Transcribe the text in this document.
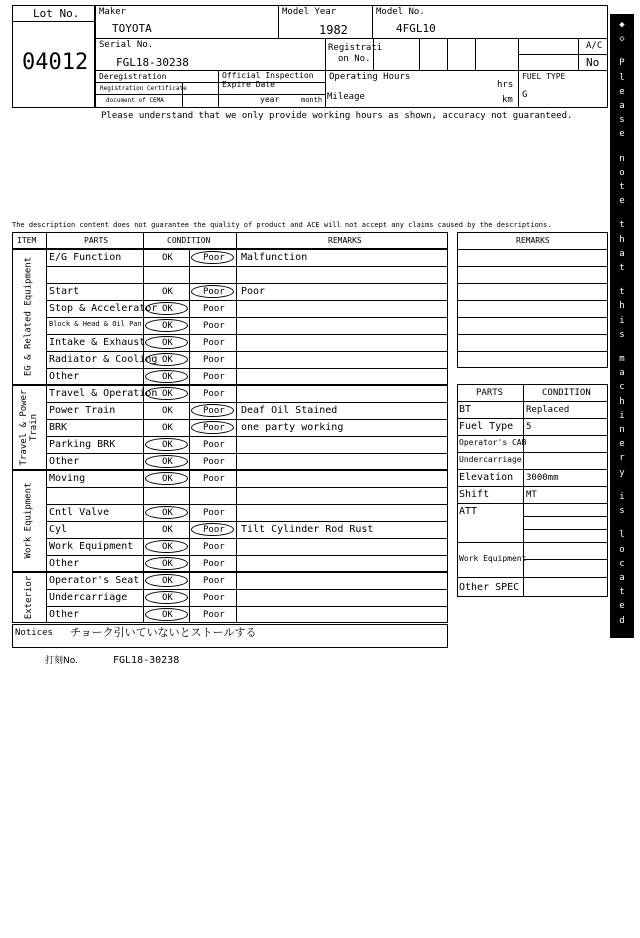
Lot No.
04012
Maker
TOYOTA
Model Year
1982
Model No.
4FGL10
Serial No.
FGL18-30238
Registrati
on No.
A/C
No
Deregistration
Registration Certificate
document of CEMA
Official Inspection
Expire Date
year	month
Operating Hours
hrs
Mileage	km
FUEL TYPE
G
Please understand that we only provide working hours as shown, accuracy not guaranteed.
The description content does not guarantee the quality of product and ACE will not accept any claims caused by the descriptions.
◆
◇

P
l
e
a
s
e

n
o
t
e

t
h
a
t

t
h
i
s

m
a
c
h
i
n
e
r
y

i
s

l
o
c
a
t
e
d

i
n

F
o
r
k
l
i
f
t

P
a
r
k
i
n
g

◆
◇
ITEM	PARTS	CONDITION	REMARKS
EG & Related Equipment E/G Function	OK	Poor Malfunction
Start	OK	Poor Poor
Stop & Accelerator OK	Poor
Block & Head & Oil Pan OK	Poor
Intake & Exhaust OK	Poor
Radiator & Cooling OK	Poor
Other	OK	Poor
Travel & Power Train
Travel & Operation OK	Poor
Power Train	OK	Poor Deaf Oil Stained
BRK	OK	Poor one party working
Parking BRK	OK	Poor
Other	OK	Poor
Work Equipment
Moving	OK	Poor
Cntl Valve	OK	Poor
Cyl	OK	Poor Tilt Cylinder Rod Rust
Work Equipment	OK	Poor
Other	OK	Poor
Exterior Operator's Seat	OK	Poor
Undercarriage	OK	Poor
Other	OK	Poor
REMARKS
PARTS	CONDITION
BT	Replaced
Fuel Type 5
Operator's CAB
Undercarriage
Elevation 3000mm
Shift	MT
ATT
Work Equipment
Other SPEC
Notices チョーク引いていないとストールする
打刻No.	FGL18-30238
